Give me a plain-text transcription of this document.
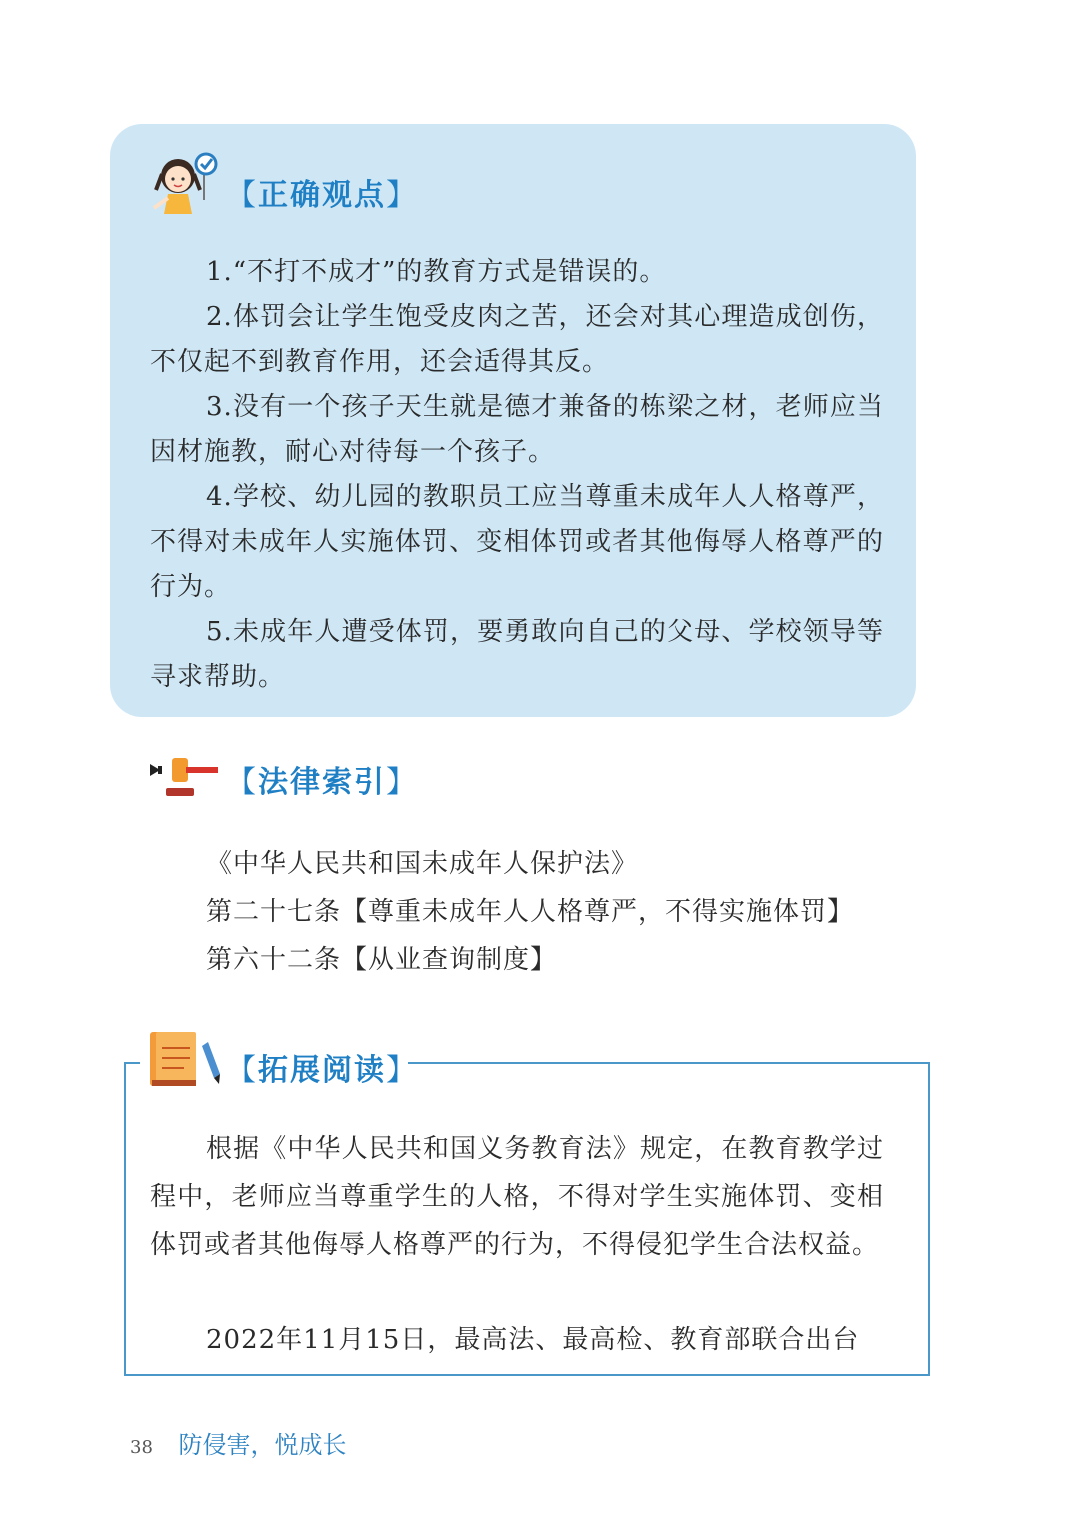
【 正确观点 】

1.“不打不成才”的教育方式是错误的。

2.体罚会让学生饱受皮肉之苦，还会对其心理造成创伤，不仅起不到教育作用，还会适得其反。

3.没有一个孩子天生就是德才兼备的栋梁之材，老师应当因材施教，耐心对待每一个孩子。

4.学校、幼儿园的教职员工应当尊重未成年人人格尊严，不得对未成年人实施体罚、变相体罚或者其他侮辱人格尊严的行为。

5.未成年人遭受体罚，要勇敢向自己的父母、学校领导等寻求帮助。

【 法律索引 】

《中华人民共和国未成年人保护法》

第二十七条【尊重未成年人人格尊严，不得实施体罚】

第六十二条【从业查询制度】

【 拓展阅读 】

根据《中华人民共和国义务教育法》规定，在教育教学过程中，老师应当尊重学生的人格，不得对学生实施体罚、变相体罚或者其他侮辱人格尊严的行为，不得侵犯学生合法权益。

2022年11月15日，最高法、最高检、教育部联合出台

38 防侵害，悦成长
